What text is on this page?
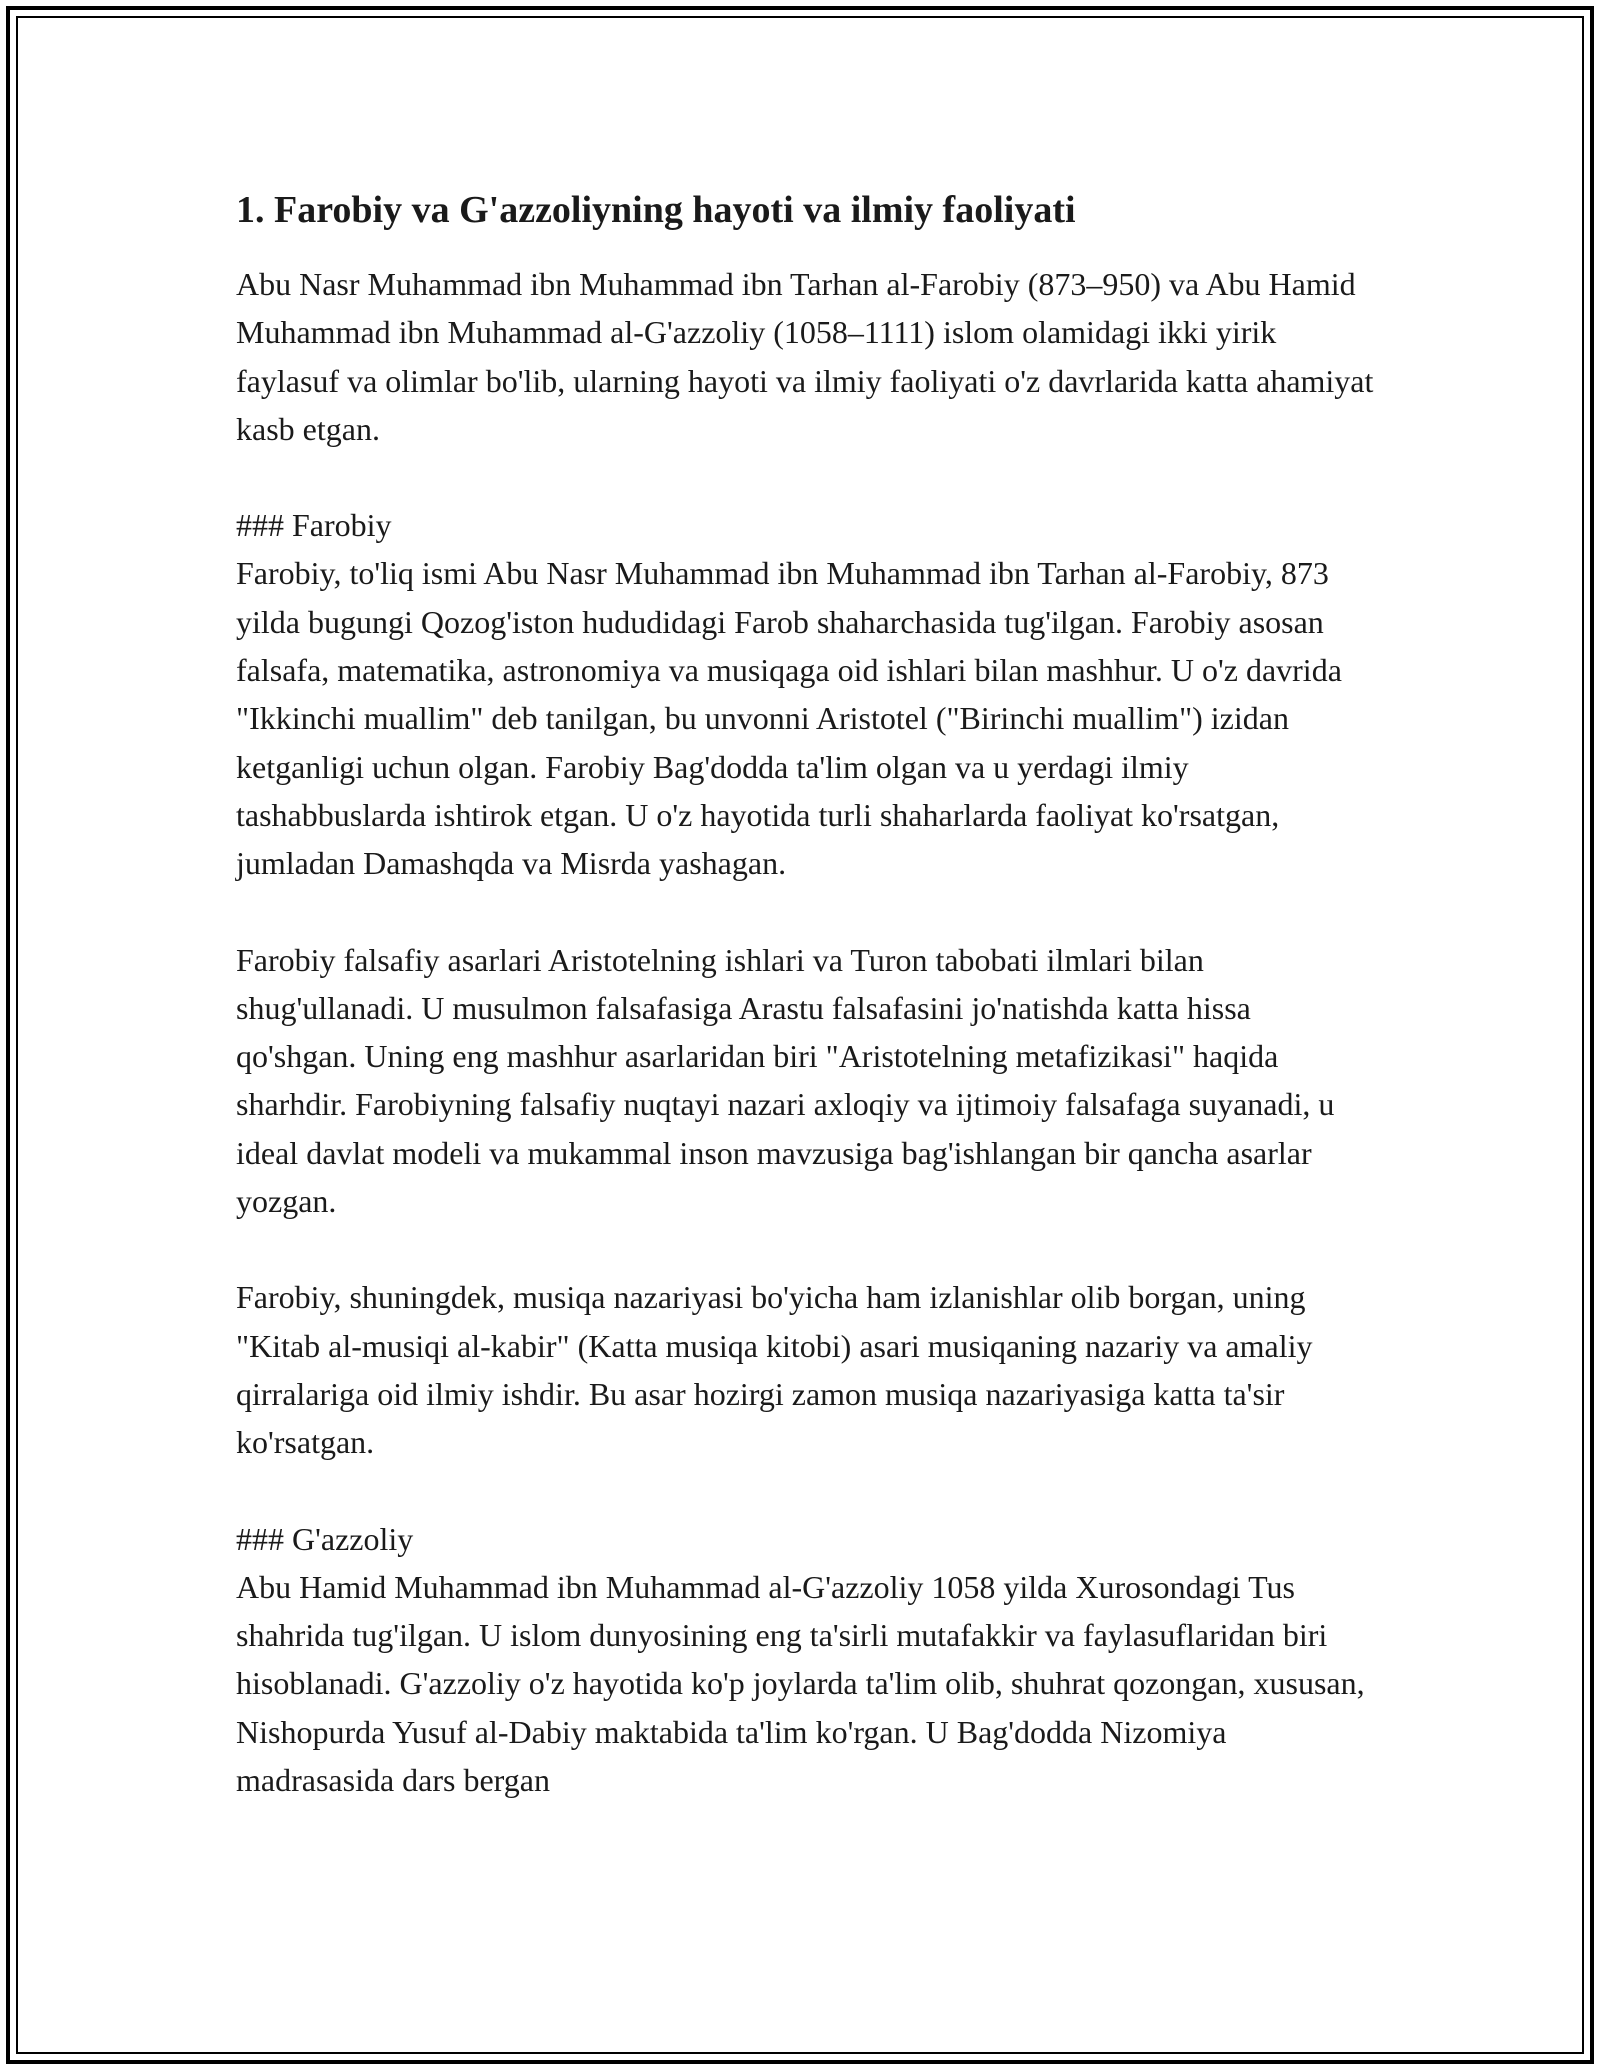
1. Farobiy va G'azzoliyning hayoti va ilmiy faoliyati

Abu Nasr Muhammad ibn Muhammad ibn Tarhan al-Farobiy (873–950) va Abu Hamid Muhammad ibn Muhammad al-G'azzoliy (1058–1111) islom olamidagi ikki yirik faylasuf va olimlar bo'lib, ularning hayoti va ilmiy faoliyati o'z davrlarida katta ahamiyat kasb etgan.

### Farobiy

Farobiy, to'liq ismi Abu Nasr Muhammad ibn Muhammad ibn Tarhan al-Farobiy, 873 yilda bugungi Qozog'iston hududidagi Farob shaharchasida tug'ilgan. Farobiy asosan falsafa, matematika, astronomiya va musiqaga oid ishlari bilan mashhur. U o'z davrida "Ikkinchi muallim" deb tanilgan, bu unvonni Aristotel ("Birinchi muallim") izidan ketganligi uchun olgan. Farobiy Bag'dodda ta'lim olgan va u yerdagi ilmiy tashabbuslarda ishtirok etgan. U o'z hayotida turli shaharlarda faoliyat ko'rsatgan, jumladan Damashqda va Misrda yashagan.

Farobiy falsafiy asarlari Aristotelning ishlari va Turon tabobati ilmlari bilan shug'ullanadi. U musulmon falsafasiga Arastu falsafasini jo'natishda katta hissa qo'shgan. Uning eng mashhur asarlaridan biri "Aristotelning metafizikasi" haqida sharhdir. Farobiyning falsafiy nuqtayi nazari axloqiy va ijtimoiy falsafaga suyanadi, u ideal davlat modeli va mukammal inson mavzusiga bag'ishlangan bir qancha asarlar yozgan.

Farobiy, shuningdek, musiqa nazariyasi bo'yicha ham izlanishlar olib borgan, uning "Kitab al-musiqi al-kabir" (Katta musiqa kitobi) asari musiqaning nazariy va amaliy qirralariga oid ilmiy ishdir. Bu asar hozirgi zamon musiqa nazariyasiga katta ta'sir ko'rsatgan.

### G'azzoliy

Abu Hamid Muhammad ibn Muhammad al-G'azzoliy 1058 yilda Xurosondagi Tus shahrida tug'ilgan. U islom dunyosining eng ta'sirli mutafakkir va faylasuflaridan biri hisoblanadi. G'azzoliy o'z hayotida ko'p joylarda ta'lim olib, shuhrat qozongan, xususan, Nishopurda Yusuf al-Dabiy maktabida ta'lim ko'rgan. U Bag'dodda Nizomiya madrasasida dars bergan
